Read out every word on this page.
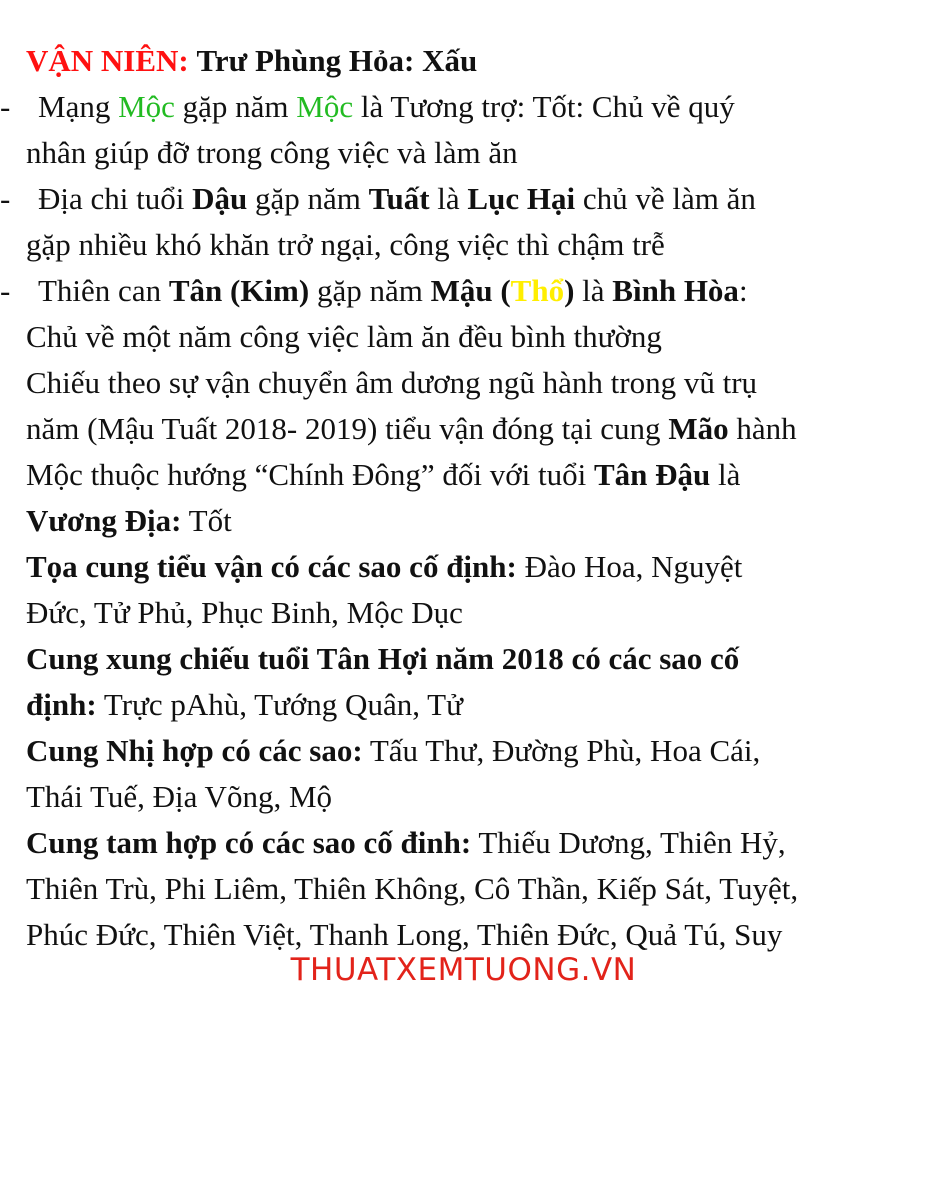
VẬN NIÊN: Trư Phùng Hỏa: Xấu
- Mạng Mộc gặp năm Mộc là Tương trợ: Tốt: Chủ về quý
nhân giúp đỡ trong công việc và làm ăn
- Địa chi tuổi Dậu gặp năm Tuất là Lục Hại chủ về làm ăn
gặp nhiều khó khăn trở ngại, công việc thì chậm trễ
- Thiên can Tân (Kim) gặp năm Mậu (Thổ) là Bình Hòa:
Chủ về một năm công việc làm ăn đều bình thường
Chiếu theo sự vận chuyển âm dương ngũ hành trong vũ trụ
năm (Mậu Tuất 2018- 2019) tiểu vận đóng tại cung Mão hành
Mộc thuộc hướng “Chính Đông” đối với tuổi Tân Đậu là
Vương Địa: Tốt
Tọa cung tiểu vận có các sao cố định: Đào Hoa, Nguyệt
Đức, Tử Phủ, Phục Binh, Mộc Dục
Cung xung chiếu tuổi Tân Hợi năm 2018 có các sao cố
định: Trực pAhù, Tướng Quân, Tử
Cung Nhị hợp có các sao: Tấu Thư, Đường Phù, Hoa Cái,
Thái Tuế, Địa Võng, Mộ
Cung tam hợp có các sao cố đinh: Thiếu Dương, Thiên Hỷ,
Thiên Trù, Phi Liêm, Thiên Không, Cô Thần, Kiếp Sát, Tuyệt,
Phúc Đức, Thiên Việt, Thanh Long, Thiên Đức, Quả Tú, Suy
THUATXEMTUONG.VN
